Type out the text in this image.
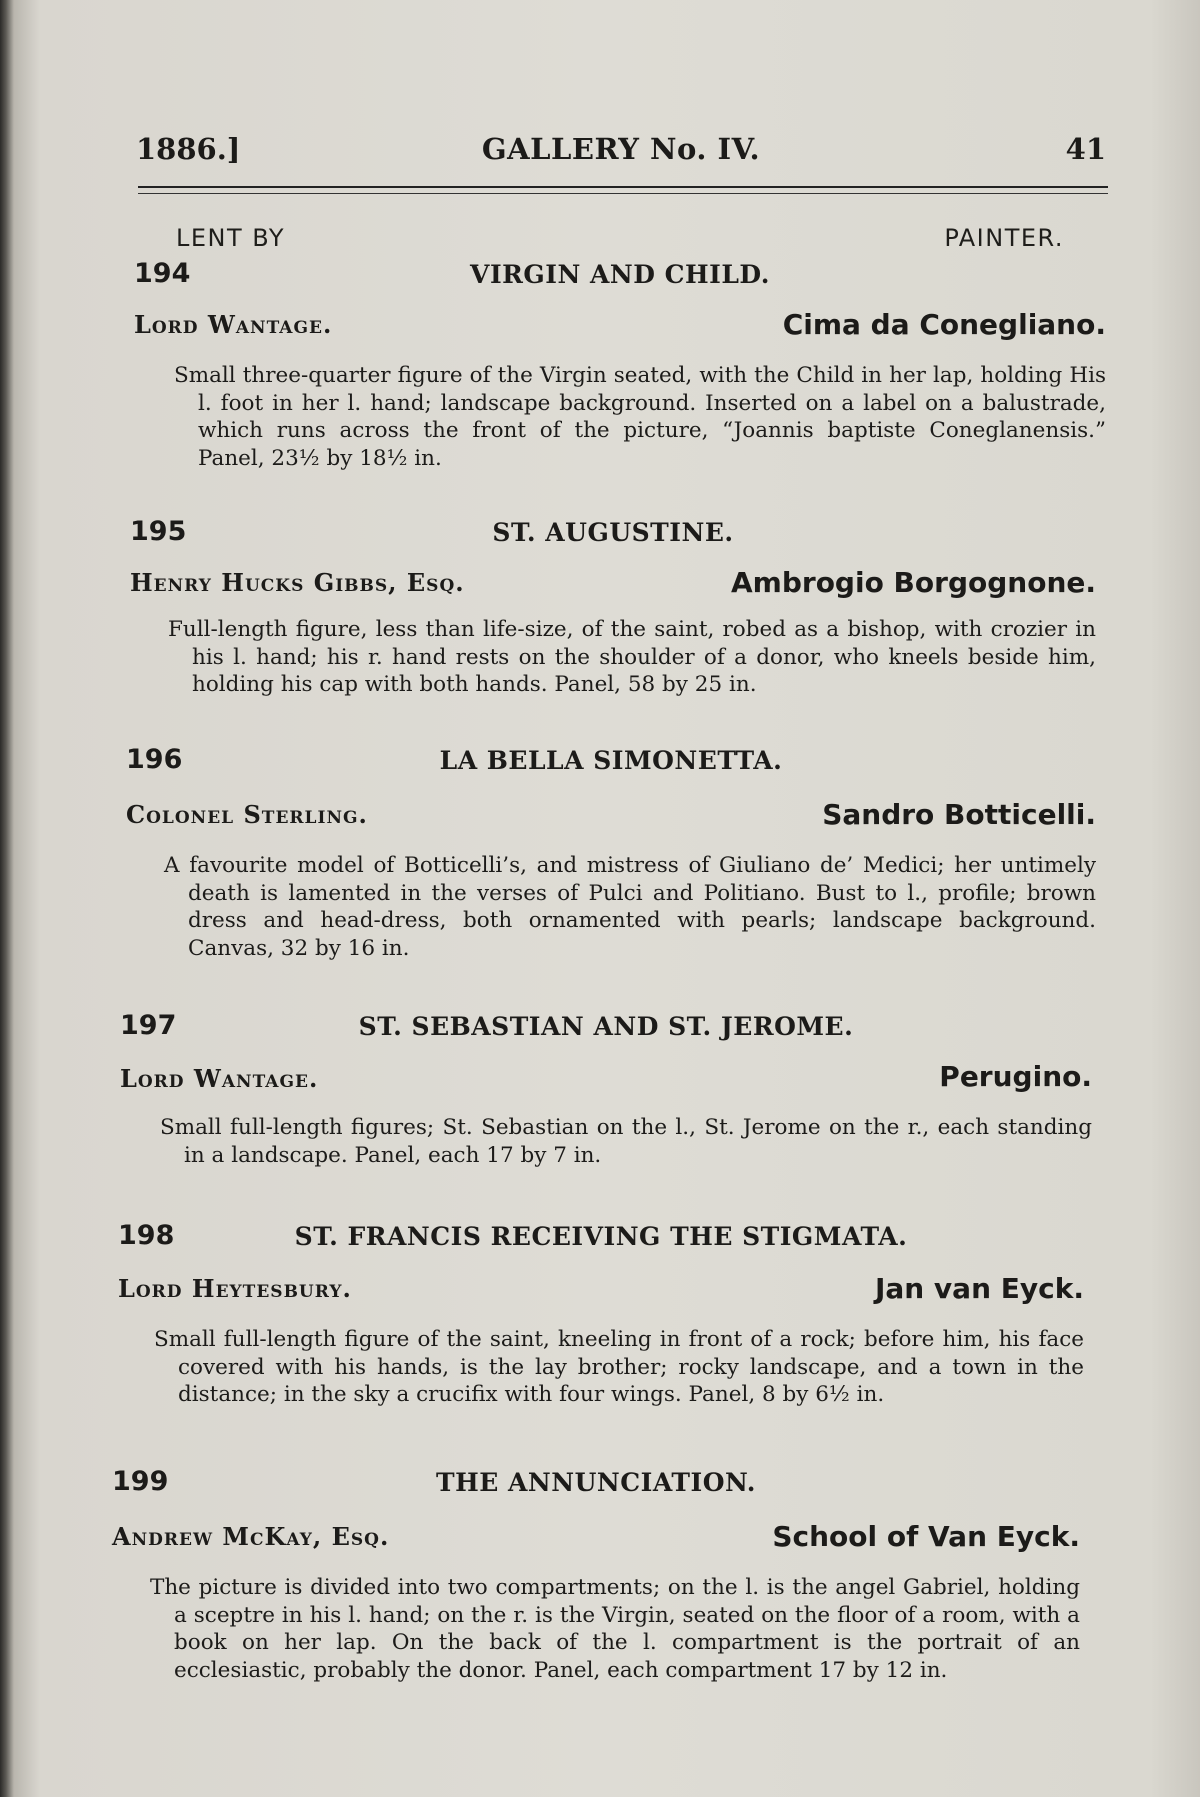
1886.]	GALLERY No. IV.	41
LENT BY	PAINTER.
194	VIRGIN AND CHILD.
Lord Wantage.	Cima da Conegliano.
Small three-quarter figure of the Virgin seated, with the Child in her lap, holding His l. foot in her l. hand; landscape background. Inserted on a label on a balustrade, which runs across the front of the picture, “Joannis baptiste Coneglanensis.” Panel, 23½ by 18½ in.
195	ST. AUGUSTINE.
Henry Hucks Gibbs, Esq.	Ambrogio Borgognone.
Full-length figure, less than life-size, of the saint, robed as a bishop, with crozier in his l. hand; his r. hand rests on the shoulder of a donor, who kneels beside him, holding his cap with both hands. Panel, 58 by 25 in.
196	LA BELLA SIMONETTA.
Colonel Sterling.	Sandro Botticelli.
A favourite model of Botticelli’s, and mistress of Giuliano de’ Medici; her untimely death is lamented in the verses of Pulci and Politiano. Bust to l., profile; brown dress and head-dress, both ornamented with pearls; landscape background. Canvas, 32 by 16 in.
197	ST. SEBASTIAN AND ST. JEROME.
Lord Wantage.	Perugino.
Small full-length figures; St. Sebastian on the l., St. Jerome on the r., each standing in a landscape. Panel, each 17 by 7 in.
198	ST. FRANCIS RECEIVING THE STIGMATA.
Lord Heytesbury.	Jan van Eyck.
Small full-length figure of the saint, kneeling in front of a rock; before him, his face covered with his hands, is the lay brother; rocky landscape, and a town in the distance; in the sky a crucifix with four wings. Panel, 8 by 6½ in.
199	THE ANNUNCIATION.
Andrew McKay, Esq.	School of Van Eyck.
The picture is divided into two compartments; on the l. is the angel Gabriel, holding a sceptre in his l. hand; on the r. is the Virgin, seated on the floor of a room, with a book on her lap. On the back of the l. compartment is the portrait of an ecclesiastic, probably the donor. Panel, each compartment 17 by 12 in.
